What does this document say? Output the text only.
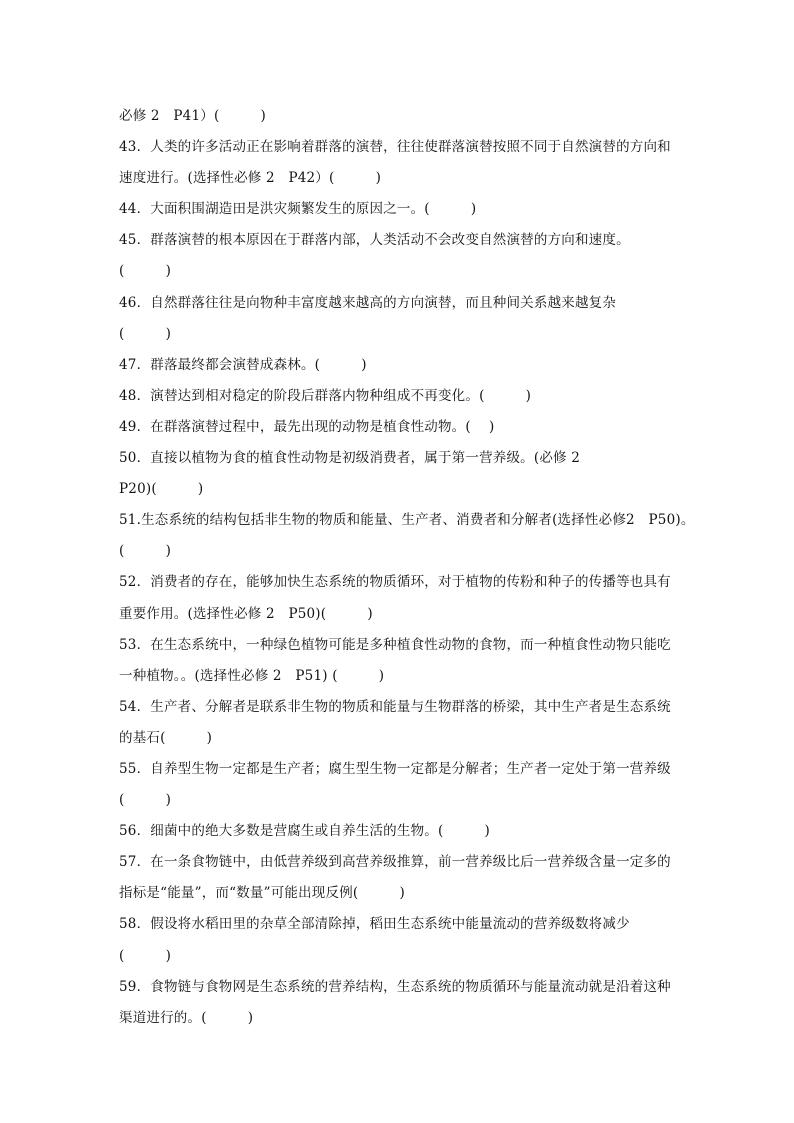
必修 2　P41）(　　　)
43．人类的许多活动正在影响着群落的演替，往往使群落演替按照不同于自然演替的方向和
速度进行。(选择性必修 2　P42）(　　　)
44．大面积围湖造田是洪灾频繁发生的原因之一。(　　　)
45．群落演替的根本原因在于群落内部，人类活动不会改变自然演替的方向和速度。
(　　　)
46．自然群落往往是向物种丰富度越来越高的方向演替，而且种间关系越来越复杂
(　　　)
47．群落最终都会演替成森林。(　　　)
48．演替达到相对稳定的阶段后群落内物种组成不再变化。(　　　)
49．在群落演替过程中，最先出现的动物是植食性动物。(　 )
50．直接以植物为食的植食性动物是初级消费者，属于第一营养级。(必修 2
P20)(　　　)
51.生态系统的结构包括非生物的物质和能量、生产者、消费者和分解者(选择性必修2　P50)。
(　　　)
52．消费者的存在，能够加快生态系统的物质循环，对于植物的传粉和种子的传播等也具有
重要作用。(选择性必修 2　P50)(　　　)
53．在生态系统中，一种绿色植物可能是多种植食性动物的食物，而一种植食性动物只能吃
一种植物。。(选择性必修 2　P51) (　　　)
54．生产者、分解者是联系非生物的物质和能量与生物群落的桥梁，其中生产者是生态系统
的基石(　　　)
55．自养型生物一定都是生产者；腐生型生物一定都是分解者；生产者一定处于第一营养级
(　　　)
56．细菌中的绝大多数是营腐生或自养生活的生物。(　　　)
57．在一条食物链中，由低营养级到高营养级推算，前一营养级比后一营养级含量一定多的
指标是“能量”，而“数量”可能出现反例(　　　)
58．假设将水稻田里的杂草全部清除掉，稻田生态系统中能量流动的营养级数将减少
(　　　)
59．食物链与食物网是生态系统的营养结构，生态系统的物质循环与能量流动就是沿着这种
渠道进行的。(　　　)
